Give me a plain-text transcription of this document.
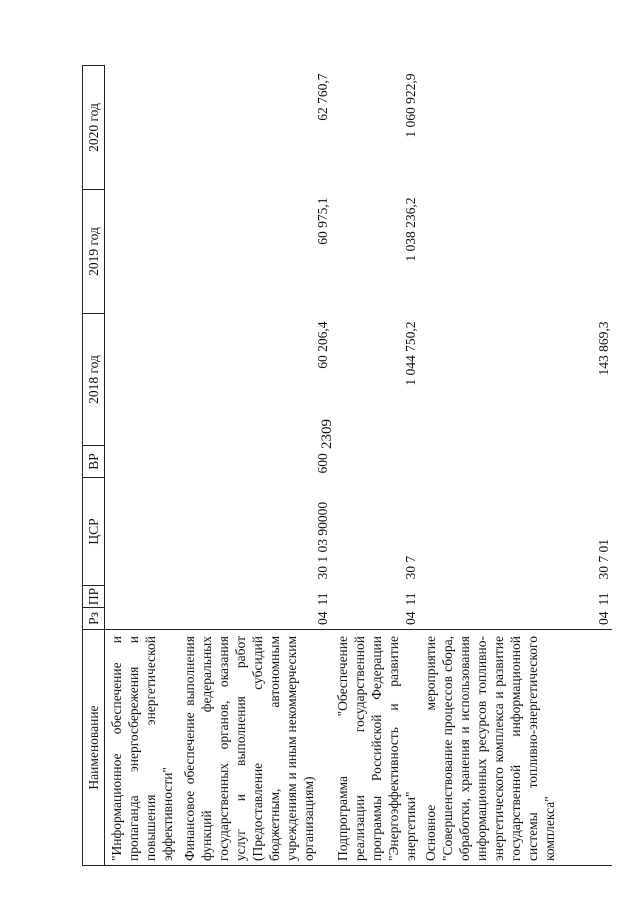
2309
Наименование	Рз	ПР	ЦСР	ВР	2018 год	2019 год	2020 год

"Информационное обеспечение и пропаганда энергосбережения и повышения энергетической эффективности"							

Финансовое обеспечение выполнения функций федеральных государственных органов, оказания услуг и выполнения работ (Предоставление субсидий бюджетным, автономным учреждениям и иным некоммерческим организациям)	04	11	30 1 03 90000	600	60 206,4	60 975,1	62 760,7

Подпрограмма "Обеспечение реализации государственной программы Российской Федерации "Энергоэффективность и развитие энергетики"	04	11	30 7		1 044 750,2	1 038 236,2	1 060 922,9

Основное мероприятие "Совершенствование процессов сбора, обработки, хранения и использования информационных ресурсов топливно-энергетического комплекса и развитие государственной информационной системы топливно-энергетического комплекса"	04	11	30 7 01		143 869,3		
